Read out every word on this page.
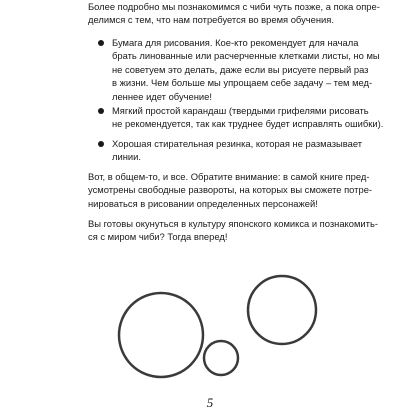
Более подробно мы познакомимся с чиби чуть позже, а пока опре-
делимся с тем, что нам потребуется во время обучения.
Бумага для рисования. Кое-кто рекомендует для начала
брать линованные или расчерченные клетками листы, но мы
не советуем это делать, даже если вы рисуете первый раз
в жизни. Чем больше мы упрощаем себе задачу – тем мед-
леннее идет обучение!
Мягкий простой карандаш (твердыми грифелями рисовать
не рекомендуется, так как труднее будет исправлять ошибки).
Хорошая стирательная резинка, которая не размазывает
линии.
Вот, в общем-то, и все. Обратите внимание: в самой книге пред-
усмотрены свободные развороты, на которых вы сможете потре-
нироваться в рисовании определенных персонажей!
Вы готовы окунуться в культуру японского комикса и познакомить-
ся с миром чиби? Тогда вперед!
5
